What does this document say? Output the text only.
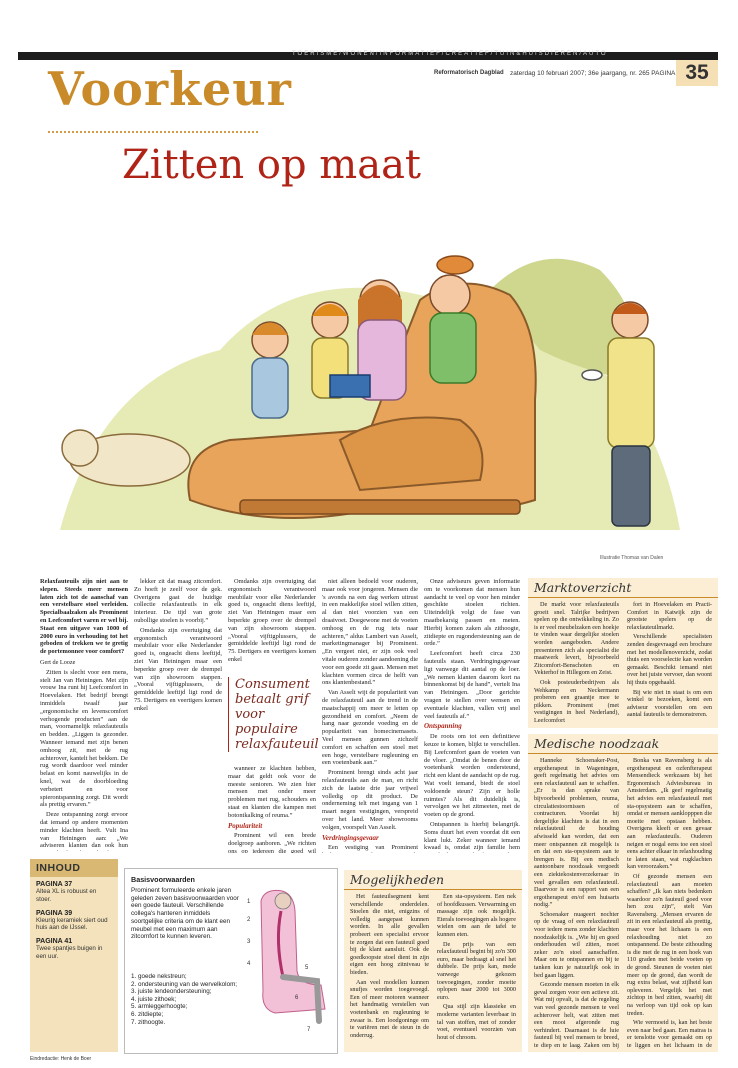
TOERISME/WONEN/INFORMATIEF/CREATIEF/TUIN&HUISDIEREN/AUTO
Voorkeur	Reformatorisch Dagblad zaterdag 10 februari 2007; 36e jaargang, nr. 265 PAGINA 35
Zitten op maat
Illustratie Thomas van Dalen

Relaxfauteuils zijn niet aan te slepen. Steeds meer mensen laten zich tot de aanschaf van een verstelbare stoel verleiden. Specialbaalzaken als Prominent en Leefcomfort varen er wel bij. Staat een uitgave van 1000 of 2000 euro in verhouding tot het geboden of trekken we te gretig de portemonnee voor comfort?

Gert de Looze

Zitten is slecht voor een mens, stelt Jan van Heiningen. Met zijn vrouw Ina runt hij Leefcomfort in Hoevelaken. Het bedrijf brengt inmiddels twaalf jaar „ergonomische en levenscomfort verhogende producten” aan de man, voornamelijk relaxfauteuils en bedden. „Liggen is gezonder. Wanneer iemand met zijn benen omhoog zit, met de rug achterover, kantelt het bekken. De rug wordt daardoor veel minder belast en komt nauwelijks in de knel, wat de doorbloeding verbetert en voor spierontspanning zorgt. Dit wordt als prettig ervaren.”

Deze ontspanning zorgt ervoor dat iemand op andere momenten minder klachten heeft. Vult Ina van Heiningen aan: „We adviseren klanten dan ook hun

lekker zit dat maag zitcomfort. Zo hoeft je zeelf voor de gek. Overigens gaat de huidige collectie relaxfauteuils in elk interieur. De tijd van grote oubollige stoelen is voorbij.”

Omdanks zijn overtuiging dat ergonomisch verantwoord meubilair voor elke Nederlander goed is, ongeacht diens leeftijd, ziet Van Heiningen maar een beperkte groep over de drempel van zijn showroom stappen. „Vooral vijftigplussers, de gemiddelde leeftijd ligt rond de 75. Dertigers en veertigers komen enkel

wanneer ze klachten hebben, maar dat geldt ook voor de meeste senioren. We zien hier mensen met onder meer problemen met rug, schouders en staat en klanten die kampen met botontkalking of reuma.”

Populariteit

Prominent wil een brede doelgroep aanboren. „We richten ons op iedereen die goed wil

Consument betaalt grif voor populaire relaxfauteuil

Omdanks zijn overtuiging dat ergonomisch verantwoord meubilair voor elke Nederlander goed is, ongeacht diens leeftijd, ziet Van Heiningen maar een beperkte groep over de drempel van zijn showroom stappen. „Vooral vijftigplussers, de gemiddelde leeftijd ligt rond de 75. Dertigers en veertigers komen enkel

niet alleen bedoeld voor ouderen, maar ook voor jongeren. Mensen die 's avonds na een dag werken uitrust in een makkelijke stoel willen zitten, al dan niet voorzien van een draaivoet. Doegewone met de voeten omhoog en de rug iets naar achteren,” aldus Lambert van Asselt, marketingmanager bij Prominent. „En vergeet niet, er zijn ook veel vitale ouderen zonder aandoening die voor een goede zit gaan. Mensen met klachten vormen circa de helft van ons klantenbestand.”

Van Asselt wijt de populariteit van de relaxfauteuil aan de trend in de maatschappij om meer te letten op gezondheid en comfort. „Neem de hang naar gezonde voeding en de populariteit van homecinemasets. Veel mensen gunnen zichzelf comfort en schaffen een stoel met een hoge, verstelbare rugleuning en een voetenbank aan.”

Prominent brengt sinds acht jaar relaxfauteuils aan de man, en richt zich de laatste drie jaar vrijwel volledig op dit product. De onderneming telt met ingang van 1 maart negen vestigingen, verspreid over het land. Meer showrooms volgen, voorspelt Van Asselt.

Verdringingsgevaar

Een vestiging van Prominent

Onze adviseurs geven informatie om te voorkomen dat mensen hun aandacht te veel op voor hen minder geschikte stoelen richten. Uiteindelijk volgt de fase van maatbekarsig passen en meten. Hierbij komen zaken als zithoogte, zitdiepte en rugondersteuning aan de orde.”

Leefcomfort heeft circa 230 fauteuils staan. Verdringingsgevaar ligt vanwege dit aantal op de loer. „We nemen klanten daarom kort na binnenkomst bij de hand”, vertelt Ina van Heiningen. „Door gerichte vragen te stellen over wensen en eventuele klachten, vallen vrij snel veel fauteuils af.”

Ontspanning

De roots om tot een definitieve keuze te komen, blijkt te verschillen. Bij Leefcomfort gaan de voeten van de vloer. „Omdat de benen door de voetenbank worden ondersteund, richt een klant de aandacht op de rug. Wat voelt iemand, biedt de stoel voldoende steun? Zijn er holle ruimtes? Als dit duidelijk is, vervolgen we het zitmeeten, met de voeten op de grond.

Ontspannen is hierbij belangrijk. Soms duurt het even voordat dit een klant lukt. Zeker wanneer iemand kwaad is, omdat zijn familie hem

Marktoverzicht

De markt voor relaxfauteuils groeit snel. Talrijke bedrijven spelen op die ontwikkeling in. Zo is er veel meubelzaken een hoekje te vinden waar dergelijke stoelen worden aangeboden. Andere presenteren zich als specialist die maatwerk levert, bijvoorbeeld Zitcomfort-Benschoten en Vekterhof in Hillegom en Zeist.

Ook posteuderbedrijven als Wehkamp en Neckermann proberen een graantje mee te pikken. Prominent (met vestigingen in heel Nederland), Leefcomfort

fort in Hoevelaken en Practi-Comfort in Katwijk zijn de grootste spelers op de relaxfauteuilmarkt.

Verschillende specialisten zenden desgevraagd een brochure met het modellenoverzicht, zodat thuis een voorselectie kan worden gemaakt. Beschikt iemand niet over het juiste vervoer, dan woont hij thuis opgehaald.

Bij wie niet in staat is om een winkel te bezoeken, komt een adviseur voorstellen om een aantal fauteuils te demonstreren.

Medische noodzaak

Hanneke Schoenaker-Post, ergotherapeut in Wageningen, geeft regelmatig het advies om een relaxfauteuil aan te schaffen. „Er is dan sprake van bijvoorbeeld problemen, reuma, circulatiestoornissen of contracturen. Voordat hij dergelijke klachten is dat in een relaxfauteuil de houding afwisseld kan worden, dat een meer ontspannen zit mogelijk is en dat een sta-opsysteem aan te brengen is. Bij een medisch aantoonbare noodzaak vergoedt een ziektekostenverzekeraar in veel gevallen een relaxfauteuil. Daarvoor is een rapport van een ergotherapeut en/of een huisarts nodig.”

Schoenaker nuageert nochter op de vraag of een relaxfauteuil voor iedere mens zonder klachten noodzakelijk is. „Wie hij en goed onderhouden wil zitten, moet zeker zo'n stoel aanschaffen. Maar om te ontspannen en bij te tanken kun je natuurlijk ook in bed gaan liggen.

Gezonde mensen moeten in elk geval zorgen voor een actieve zit. Wat mij opvalt, is dat de regeling van veel gezonde mensen te veel achterover helt, wat zitten met een mooi afgeronde rug verhindert. Daarnaast is de luie fauteuil bij veel mensen te breed, te diep en te laag. Zaken om bij

Bonka van Ravensberg is als ergotherapeut en ozfenfterapeut Mensendieck werkzaam bij het Ergonomisch Adviesbureau in Amsterdam. „Ik geef regelmatig het advies een relaxfauteuil met sta-opsysteem aan te schaffen, omdat er mensen aanklopppen die moeite met opstaan hebben. Overigens kleeft er een gevaar aan relaxfauteuils. Ouderen neigen er nogal eens toe een stoel eens achter elkaar in relaxhouding te laten staan, wat rugklachten kan veroorzaken.”

Of gezonde mensen een relaxfauteuil aan moeten schaffen? „Ik kan niets bedenken waardoor zo'n fauteuil goed voor hen zou zijn”, stelt Van Ravensberg. „Mensen ervaren de zit in een relaxfauteuil als prettig, maar voor het lichaam is een relaxhouding niet zo ontspannend. De beste zithouding is die met de rug in een hoek van 110 graden met beide voeten op de grond. Steunen de voeten niet meer op de grond, dan wordt de rug extra belast, wat zijlheid kan opleveren. Vergelijk het met zichtop in bed zitten, waarbij dit na verloop van tijd ook op kan treden.

Wie vermoeid is, kan het beste even naar bed gaan. Een matras is er tenslotte voor gemaakt om op te liggen en het lichaam in de

INHOUD
PAGINA 37
Altea XL is robuust en stoer.
PAGINA 39
Kleurig keramiek siert oud huis aan de IJssel.
PAGINA 41
Twee spantjes buigen in een uur.
Eindredactie: Henk de Boer
Basisvoorwaarden
Prominent formuleerde enkele jaren geleden zeven basisvoorwaarden voor een goede fauteuil. Verschillende collega's hanteren inmiddels soortgelijke criteria om de klant een meubel met een maximum aan zitcomfort te kunnen leveren.
1. goede nekstreun;
2. ondersteuning van de wervelkolom;
3. juiste lendeondersteuning;
4. juiste zithoek;
5. armleggerhoogte;
6. zitdiepte;
7. zithoogte.
1
2
3
4
5
6
7
Mogelijkheden

Het fauteuilsegment kent verschillende onderdelen. Stoelen die niet, enigzins of volledig aangepast kunnen worden. In alle gevallen probeert een specialist ervoor te zorgen dat een fauteuil goed bij de klant aansluit. Ook de goedkoopste stoel dient in zijn eigen een hoog zitniveau te bieden.

Aan veel modellen kunnen snufjes worden toegevoegd. Een of meer motoren wanneer het handmatig verstellen van voetenbank en rugleuning te zwaar is. Een loodgoninge om te variëren met de steun in de onderrug.

Een sta-opsysteem. Een nek of hoofdkussen. Verwarming en massage zijn ook mogelijk. Eterals toevoegingen als hogere wielen om aan de tafel te kunnen eten.

De prijs van een relaxfauteuil begint bij zo'n 300 euro, maar bedraagt al snel het dubbele. De prijs kan, mede vanwege gekozen toevoegingen, zonder moeite oplopen naar 2000 tot 3000 euro.

Qua stijl zijn klassieke en moderne varianten leverbaar in tal van stoffen, met of zonder voet, eventueel voorzien van hout of chroom.
